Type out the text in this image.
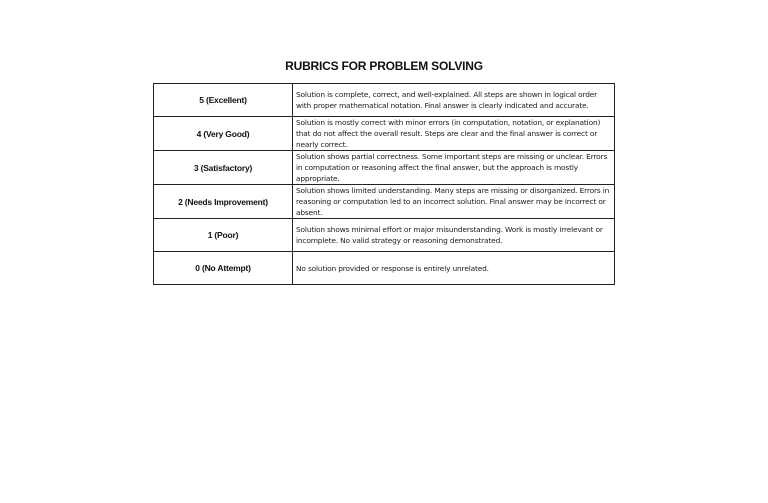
RUBRICS FOR PROBLEM SOLVING
5 (Excellent)	Solution is complete, correct, and well-explained. All steps are shown in logical order with proper mathematical notation. Final answer is clearly indicated and accurate.
4 (Very Good)	Solution is mostly correct with minor errors (in computation, notation, or explanation) that do not affect the overall result. Steps are clear and the final answer is correct or nearly correct.
3 (Satisfactory)	Solution shows partial correctness. Some important steps are missing or unclear. Errors in computation or reasoning affect the final answer, but the approach is mostly appropriate.
2 (Needs Improvement)	Solution shows limited understanding. Many steps are missing or disorganized. Errors in reasoning or computation led to an incorrect solution. Final answer may be incorrect or absent.
1 (Poor)	Solution shows minimal effort or major misunderstanding. Work is mostly irrelevant or incomplete. No valid strategy or reasoning demonstrated.
0 (No Attempt)	No solution provided or response is entirely unrelated.
